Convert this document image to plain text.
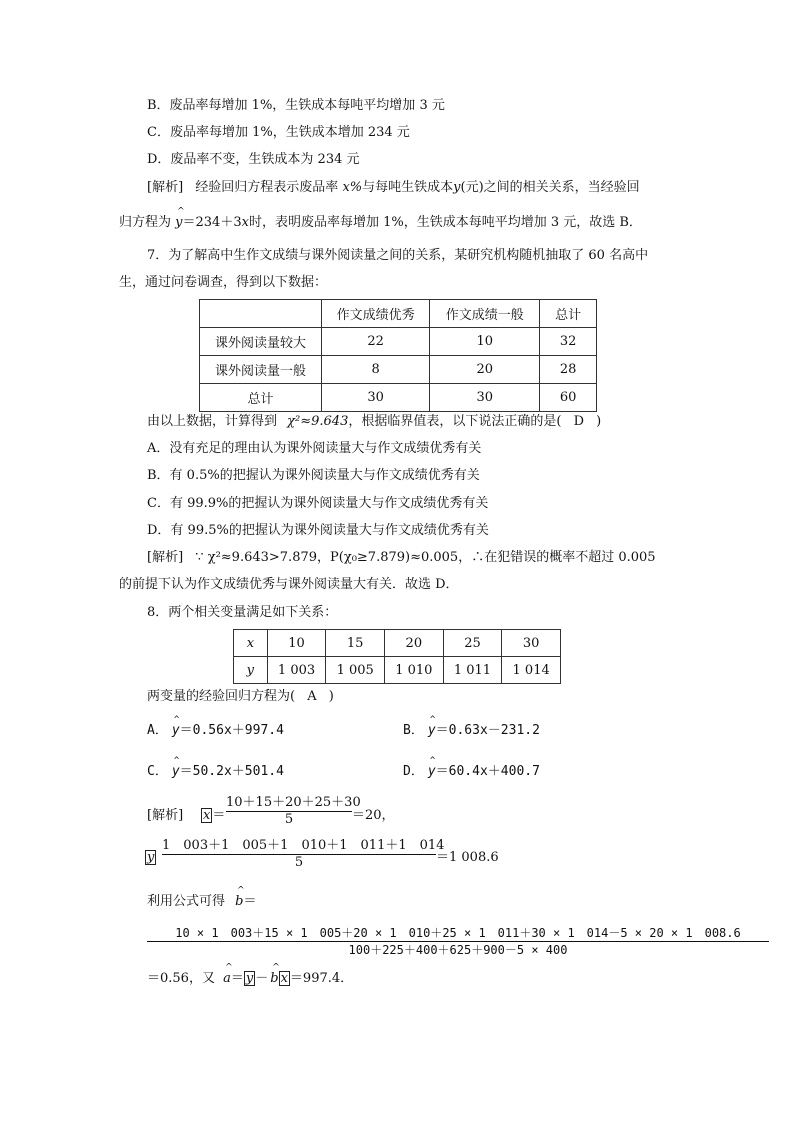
B．废品率每增加 1%，生铁成本每吨平均增加 3 元
C．废品率每增加 1%，生铁成本增加 234 元
D．废品率不变，生铁成本为 234 元
[解析] 经验回归方程表示废品率 x%与每吨生铁成本y(元)之间的相关关系，当经验回
归方程为 ^ y＝234＋3x时，表明废品率每增加 1%，生铁成本每吨平均增加 3 元，故选 B．
7．为了解高中生作文成绩与课外阅读量之间的关系，某研究机构随机抽取了 60 名高中
生，通过问卷调查，得到以下数据：
	作文成绩优秀	作文成绩一般	总计
课外阅读量较大	22	10	32
课外阅读量一般	8	20	28
总计	30	30	60
由以上数据，计算得到 χ²≈9.643，根据临界值表，以下说法正确的是( D )
A．没有充足的理由认为课外阅读量大与作文成绩优秀有关
B．有 0.5%的把握认为课外阅读量大与作文成绩优秀有关
C．有 99.9%的把握认为课外阅读量大与作文成绩优秀有关
D．有 99.5%的把握认为课外阅读量大与作文成绩优秀有关
[解析] ∵ χ²≈9.643>7.879，P(χ₀≥7.879)≈0.005，∴在犯错误的概率不超过 0.005
的前提下认为作文成绩优秀与课外阅读量大有关．故选 D．
8．两个相关变量满足如下关系：
x	10	15	20	25	30
y	1 003	1 005	1 010	1 011	1 014
两变量的经验回归方程为( A )
A． ^ y＝0.56x＋997.4	B． ^ y＝0.63x－231.2
C． ^ y＝50.2x＋501.4	D． ^ y＝60.4x＋400.7
[解析] x ＝
10＋15＋20＋25＋30
5	＝20，
y
1　003＋1　005＋1　010＋1　011＋1　014
5	＝1 008.6
利用公式可得 ^ b＝
10 × 1　003＋15 × 1　005＋20 × 1　010＋25 × 1　011＋30 × 1　014－5 × 20 × 1　008.6
100＋225＋400＋625＋900－5 × 400
＝0.56，又 ^ a＝ y － ^ b x ＝997.4．
